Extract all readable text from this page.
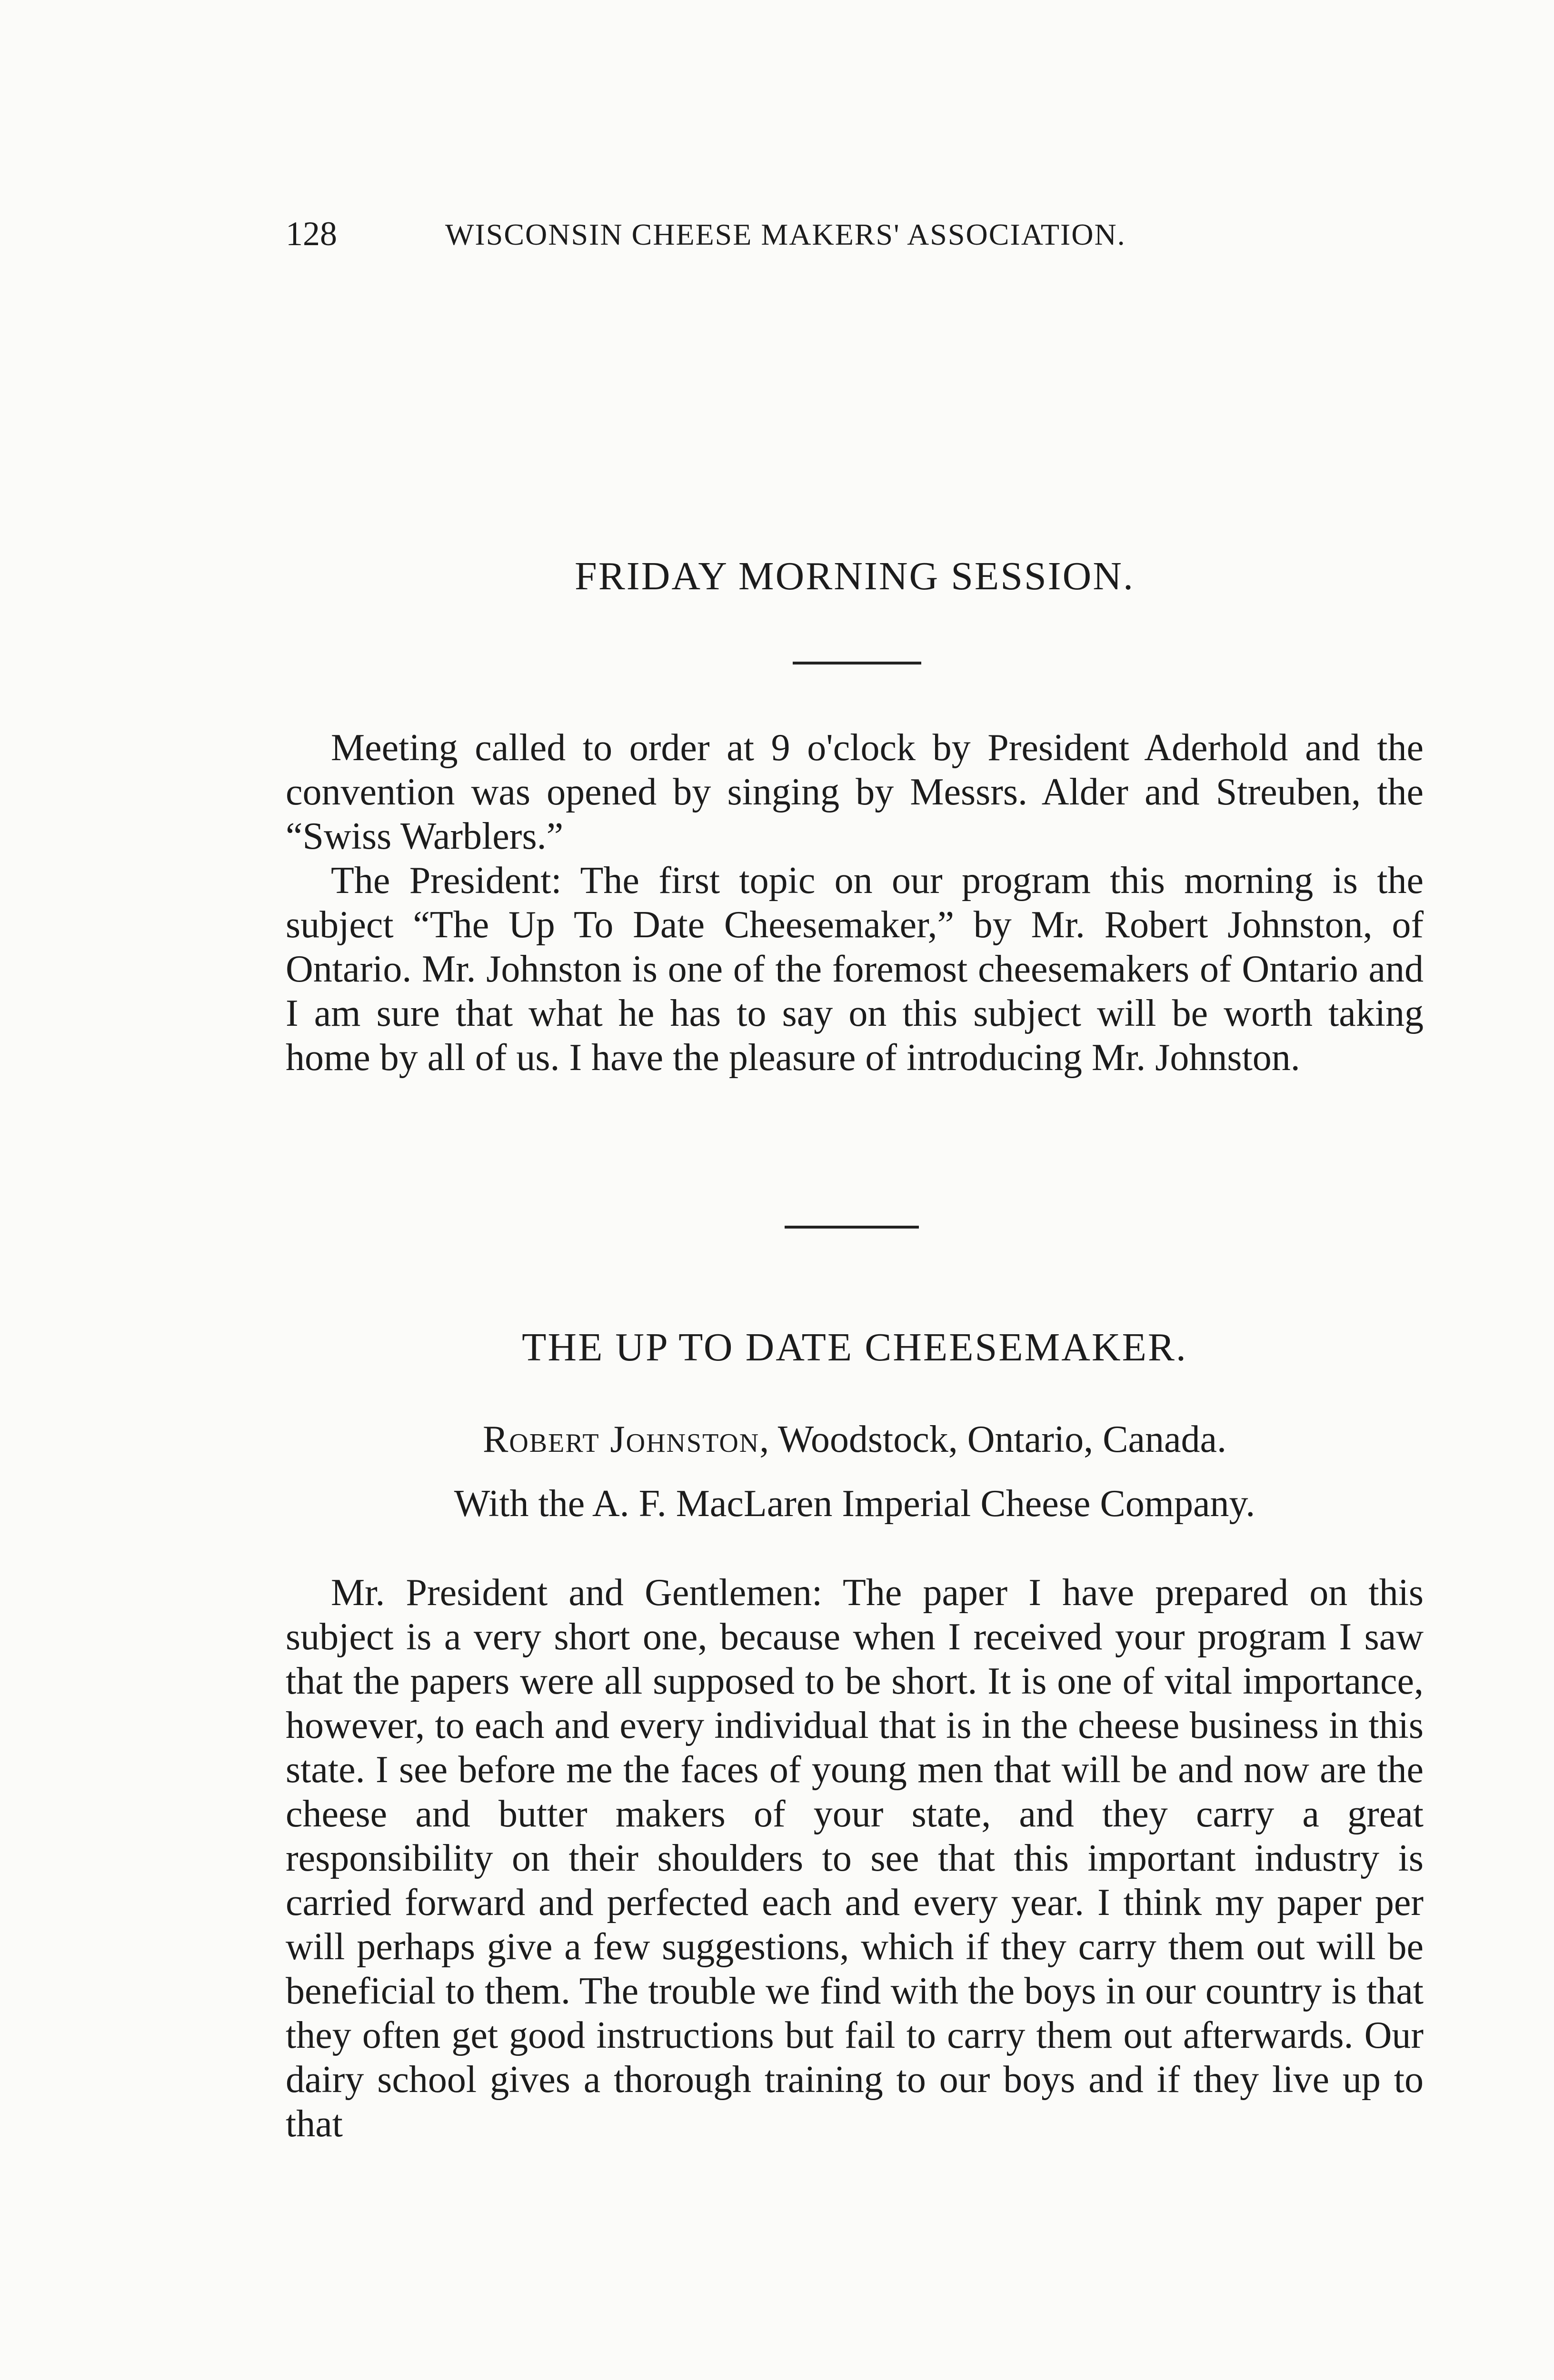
128	WISCONSIN CHEESE MAKERS' ASSOCIATION.
FRIDAY MORNING SESSION.

Meeting called to order at 9 o'clock by President Aderhold and the convention was opened by singing by Messrs. Alder and Streuben, the “Swiss Warblers.”

The President: The first topic on our program this morning is the subject “The Up To Date Cheesemaker,” by Mr. Robert Johnston, of Ontario. Mr. Johnston is one of the foremost cheesemakers of Ontario and I am sure that what he has to say on this subject will be worth taking home by all of us. I have the pleasure of introducing Mr. Johnston.

THE UP TO DATE CHEESEMAKER.
Robert Johnston, Woodstock, Ontario, Canada.
With the A. F. MacLaren Imperial Cheese Company.

Mr. President and Gentlemen: The paper I have prepared on this subject is a very short one, because when I received your program I saw that the papers were all supposed to be short. It is one of vital importance, however, to each and every individual that is in the cheese business in this state. I see before me the faces of young men that will be and now are the cheese and butter makers of your state, and they carry a great responsibility on their shoulders to see that this important industry is carried forward and perfected each and every year. I think my paper per will perhaps give a few suggestions, which if they carry them out will be beneficial to them. The trouble we find with the boys in our country is that they often get good instructions but fail to carry them out afterwards. Our dairy school gives a thorough training to our boys and if they live up to that
